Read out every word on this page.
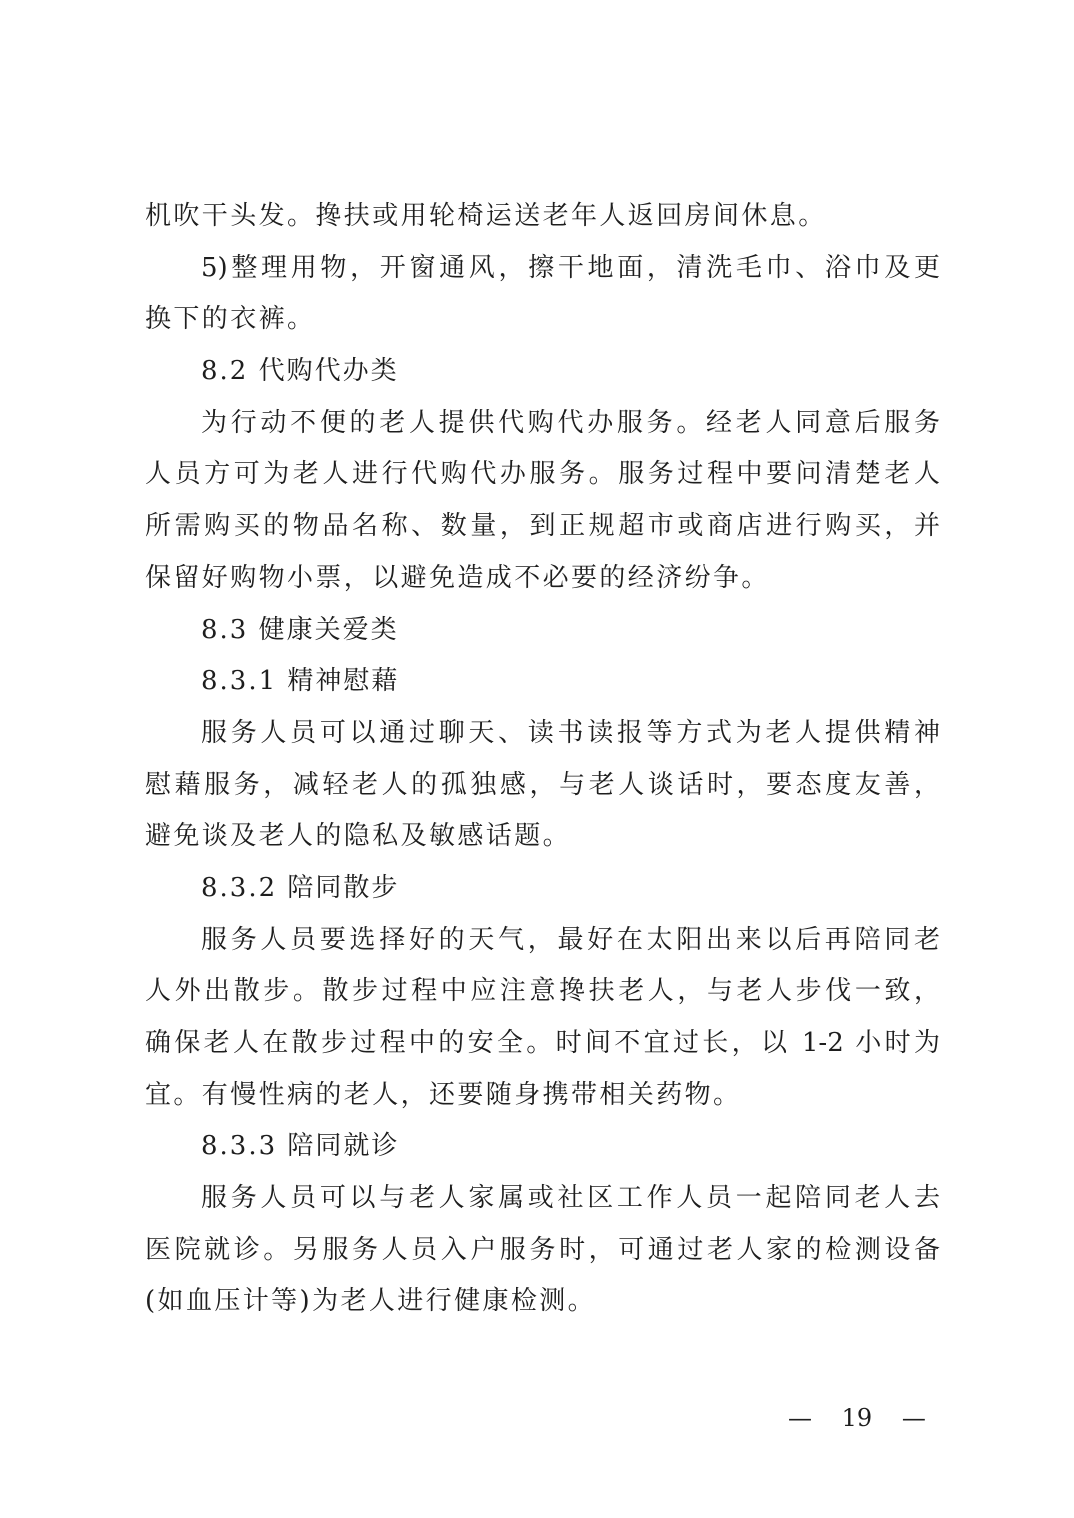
机吹干头发。搀扶或用轮椅运送老年人返回房间休息。
5)整理用物，开窗通风，擦干地面，清洗毛巾、浴巾及更
换下的衣裤。
8.2 代购代办类
为行动不便的老人提供代购代办服务。经老人同意后服务
人员方可为老人进行代购代办服务。服务过程中要问清楚老人
所需购买的物品名称、数量，到正规超市或商店进行购买，并
保留好购物小票，以避免造成不必要的经济纷争。
8.3 健康关爱类
8.3.1 精神慰藉
服务人员可以通过聊天、读书读报等方式为老人提供精神
慰藉服务，减轻老人的孤独感，与老人谈话时，要态度友善，
避免谈及老人的隐私及敏感话题。
8.3.2 陪同散步
服务人员要选择好的天气，最好在太阳出来以后再陪同老
人外出散步。散步过程中应注意搀扶老人，与老人步伐一致，
确保老人在散步过程中的安全。时间不宜过长，以 1-2 小时为
宜。有慢性病的老人，还要随身携带相关药物。
8.3.3 陪同就诊
服务人员可以与老人家属或社区工作人员一起陪同老人去
医院就诊。另服务人员入户服务时，可通过老人家的检测设备
(如血压计等)为老人进行健康检测。
— 19 —
